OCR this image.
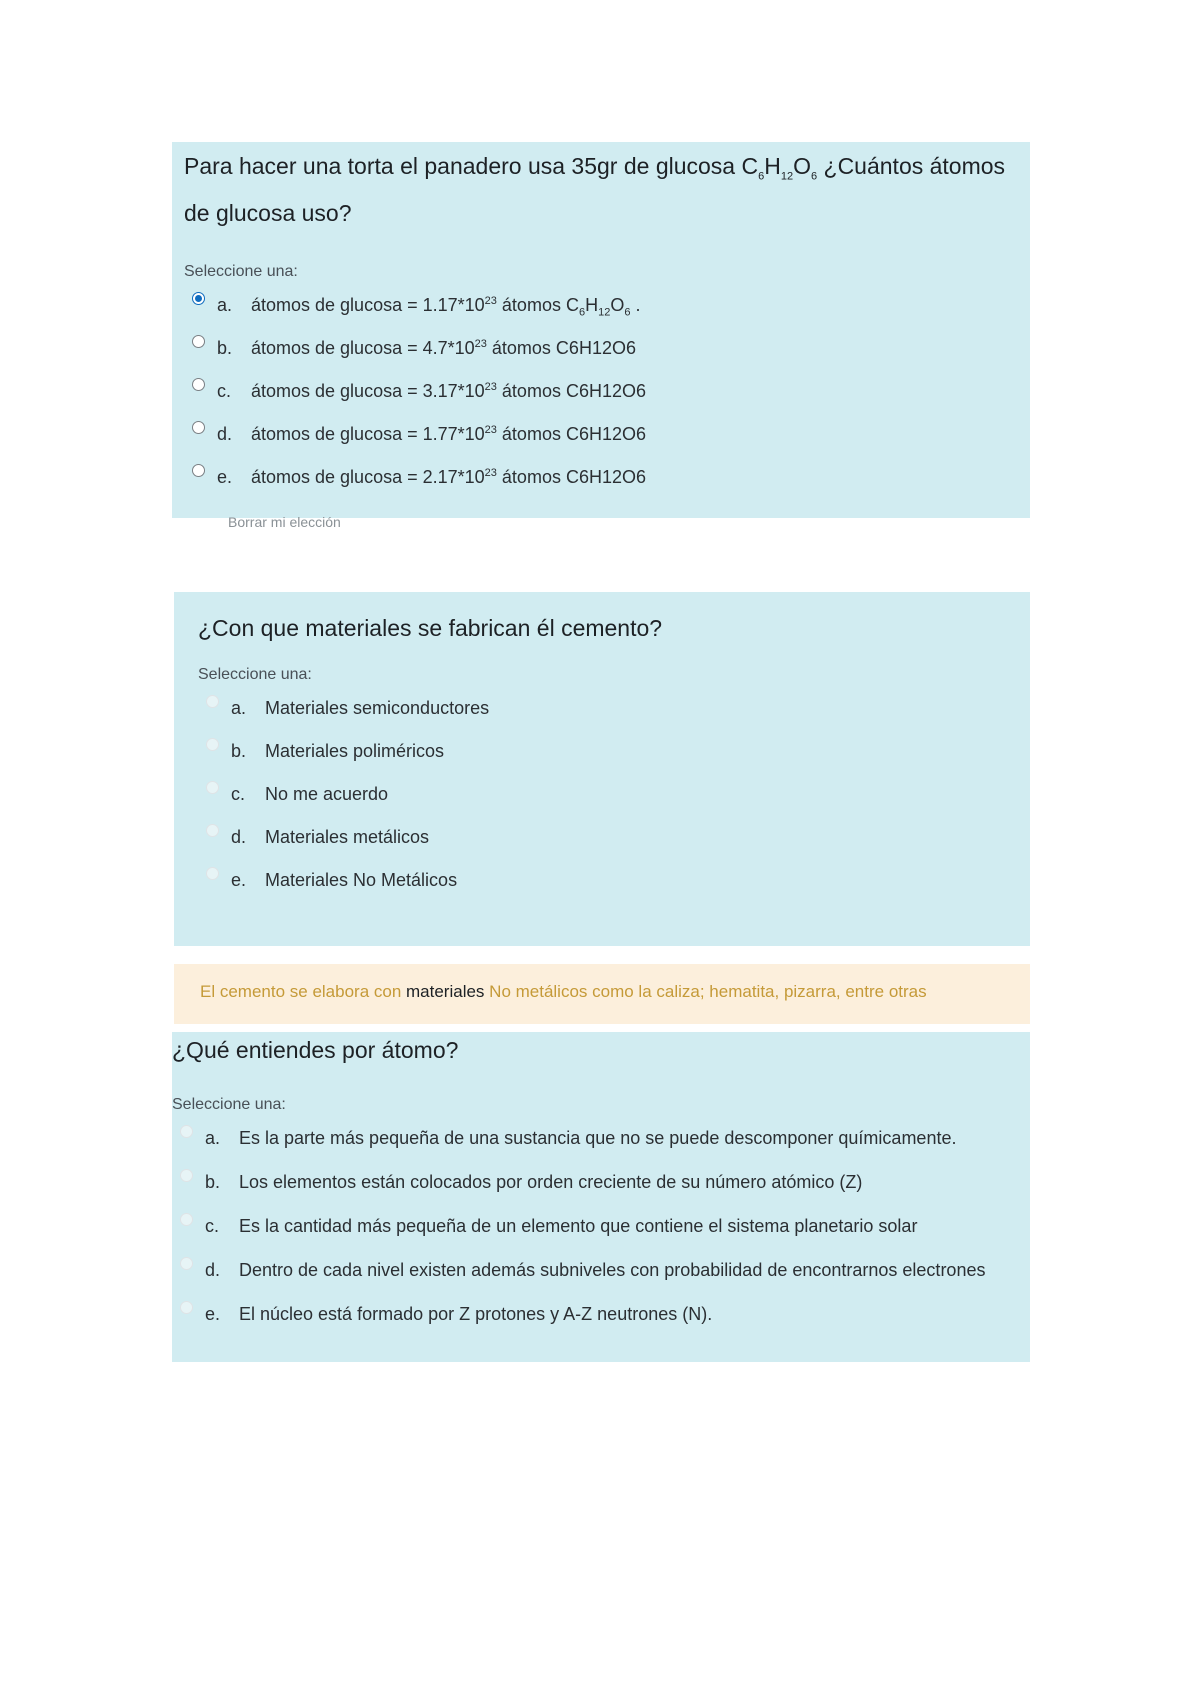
Para hacer una torta el panadero usa 35gr de glucosa $C_6H_{12}O_6$ ¿Cuántos átomos de glucosa uso?

Seleccione una:
a.	átomos de $glucosa = 1.17*10^{23}$ átomos $C_6H_{12}O_6$ .
b.	átomos de $glucosa = 4.7*10^{23}$ átomos C6H12O6
c.	átomos de $glucosa = 3.17*10^{23}$ átomos C6H12O6
d.	átomos de $glucosa = 1.77*10^{23}$ átomos C6H12O6
e.	átomos de $glucosa = 2.17*10^{23}$ átomos C6H12O6
Borrar mi elección

¿Con que materiales se fabrican él cemento?

Seleccione una:
a.	Materiales semiconductores
b.	Materiales poliméricos
c.	No me acuerdo
d.	Materiales metálicos
e.	Materiales No Metálicos
El cemento se elabora con materiales No metálicos como la caliza; hematita, pizarra, entre otras

¿Qué entiendes por átomo?

Seleccione una:
a.	Es la parte más pequeña de una sustancia que no se puede descomponer químicamente.
b.	Los elementos están colocados por orden creciente de su número atómico (Z)
c.	Es la cantidad más pequeña de un elemento que contiene el sistema planetario solar
d.	Dentro de cada nivel existen además subniveles con probabilidad de encontrarnos electrones
e.	El núcleo está formado por Z protones y A-Z neutrones (N).
